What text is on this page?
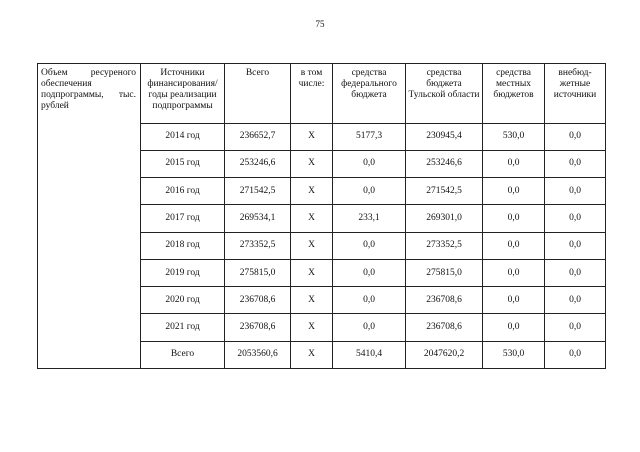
75
Объем ресуреного обеспечения подпрограммы, тыс. рублей	Источники финансирования/ годы реализации подпрограммы	Всего	в том числе:	средства федерального бюджета	средства бюджета Тульской области	средства местных бюджетов	внебюд-жетные источники
	2014 год	236652,7	X	5177,3	230945,4	530,0	0,0
	2015 год	253246,6	X	0,0	253246,6	0,0	0,0
	2016 год	271542,5	X	0,0	271542,5	0,0	0,0
	2017 год	269534,1	X	233,1	269301,0	0,0	0,0
	2018 год	273352,5	X	0,0	273352,5	0,0	0,0
	2019 год	275815,0	X	0,0	275815,0	0,0	0,0
	2020 год	236708,6	X	0,0	236708,6	0,0	0,0
	2021 год	236708,6	X	0,0	236708,6	0,0	0,0
	Всего	2053560,6	X	5410,4	2047620,2	530,0	0,0
